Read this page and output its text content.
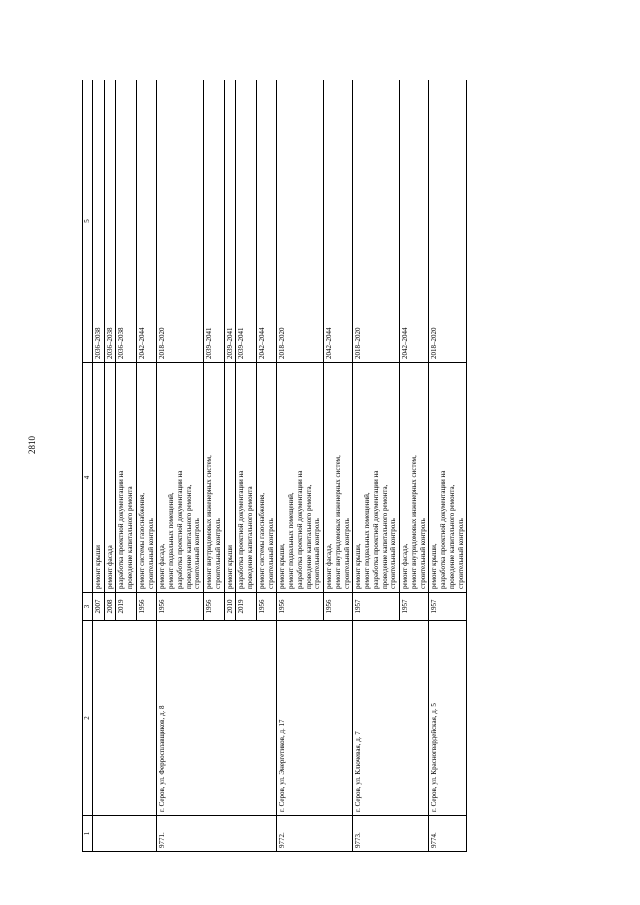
2810
1	2	3	4	5
		2007	ремонт крыши	2036–2038
		2008	ремонт фасада	2036–2038
		2019	разработка проектной документации на проведение капитального ремонта	2036–2038
		1956	ремонт системы газоснабжения, строительный контроль	2042–2044
9771.	г. Серов, ул. Ферросплавщиков, д. 8	1956	ремонт фасада, ремонт подвальных помещений, разработка проектной документации на проведение капитального ремонта, строительный контроль	2018–2020
		1956	ремонт внутридомовых инженерных систем, строительный контроль	2039–2041
		2010	ремонт крыши	2039–2041
		2019	разработка проектной документации на проведение капитального ремонта	2039–2041
		1956	ремонт системы газоснабжения, строительный контроль	2042–2044
9772.	г. Серов, ул. Энергетиков, д. 17	1956	ремонт крыши, ремонт подвальных помещений, разработка проектной документации на проведение капитального ремонта, строительный контроль	2018–2020
		1956	ремонт фасада, ремонт внутридомовых инженерных систем, строительный контроль	2042–2044
9773.	г. Серов, ул. Ключевая, д. 7	1957	ремонт крыши, ремонт подвальных помещений, разработка проектной документации на проведение капитального ремонта, строительный контроль	2018–2020
		1957	ремонт фасада, ремонт внутридомовых инженерных систем, строительный контроль	2042–2044
9774.	г. Серов, ул. Красногвардейская, д. 5	1957	ремонт крыши, разработка проектной документации на проведение капитального ремонта, строительный контроль	2018–2020
